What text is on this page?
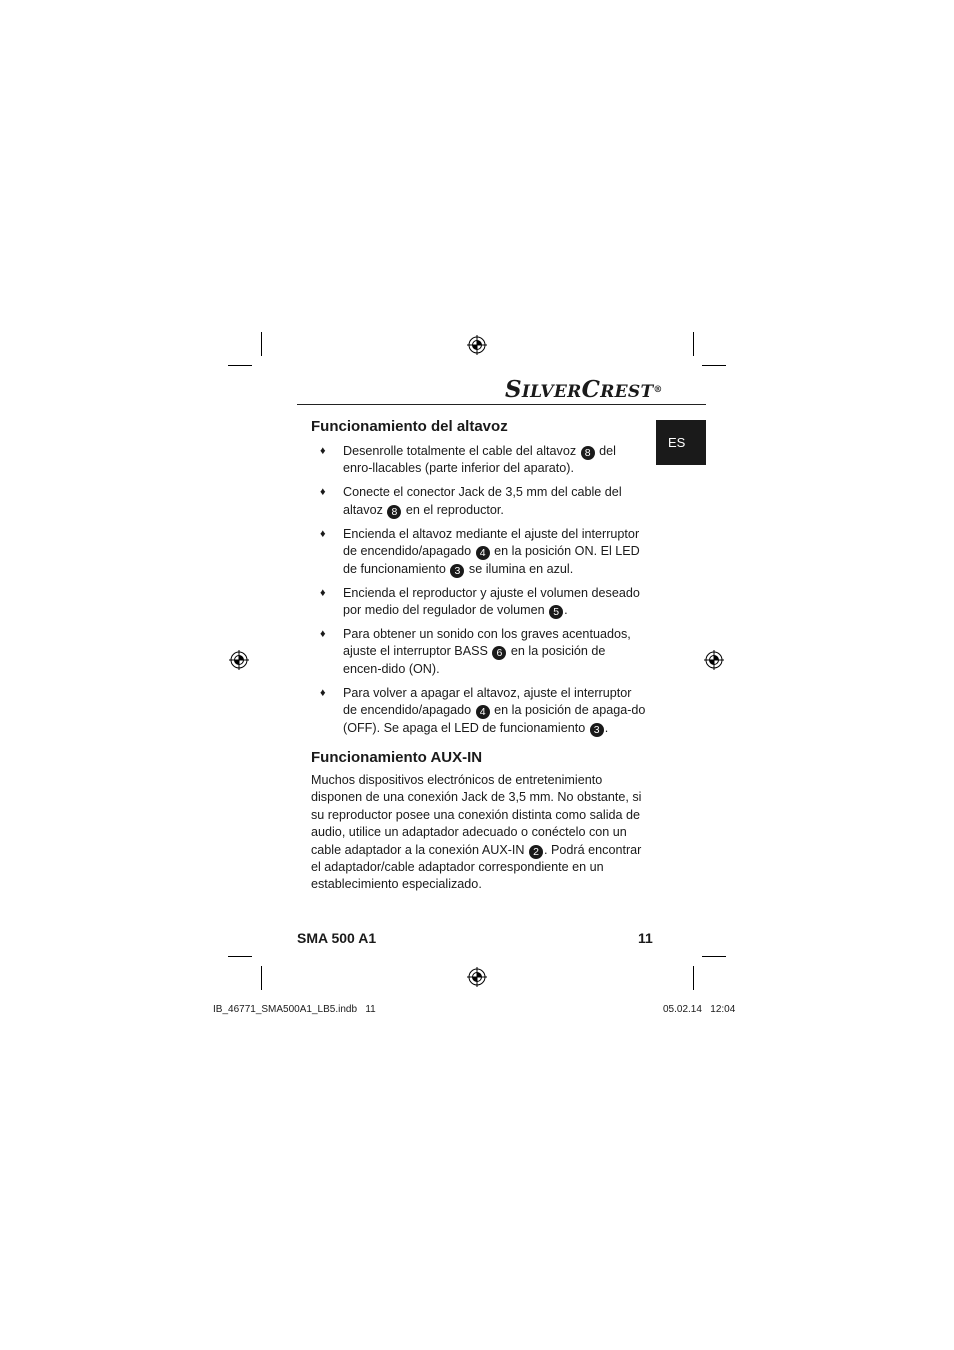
SILVERCREST®
ES
Funcionamiento del altavoz
♦ Desenrolle totalmente el cable del altavoz 8 del enro-llacables (parte inferior del aparato).
♦ Conecte el conector Jack de 3,5 mm del cable del altavoz 8 en el reproductor.
♦ Encienda el altavoz mediante el ajuste del interruptor de encendido/apagado 4 en la posición ON. El LED de funcionamiento 3 se ilumina en azul.
♦ Encienda el reproductor y ajuste el volumen deseado por medio del regulador de volumen 5 .
♦ Para obtener un sonido con los graves acentuados, ajuste el interruptor BASS 6 en la posición de encen-dido (ON).
♦ Para volver a apagar el altavoz, ajuste el interruptor de encendido/apagado 4 en la posición de apaga-do (OFF). Se apaga el LED de funcionamiento 3 .
Funcionamiento AUX-IN
Muchos dispositivos electrónicos de entretenimiento disponen de una conexión Jack de 3,5 mm. No obstante, si su reproductor posee una conexión distinta como salida de audio, utilice un adaptador adecuado o conéctelo con un cable adaptador a la conexión AUX-IN 2 . Podrá encontrar el adaptador/cable adaptador correspondiente en un establecimiento especializado.
SMA 500 A1	11
IB_46771_SMA500A1_LB5.indb   11	05.02.14   12:04
